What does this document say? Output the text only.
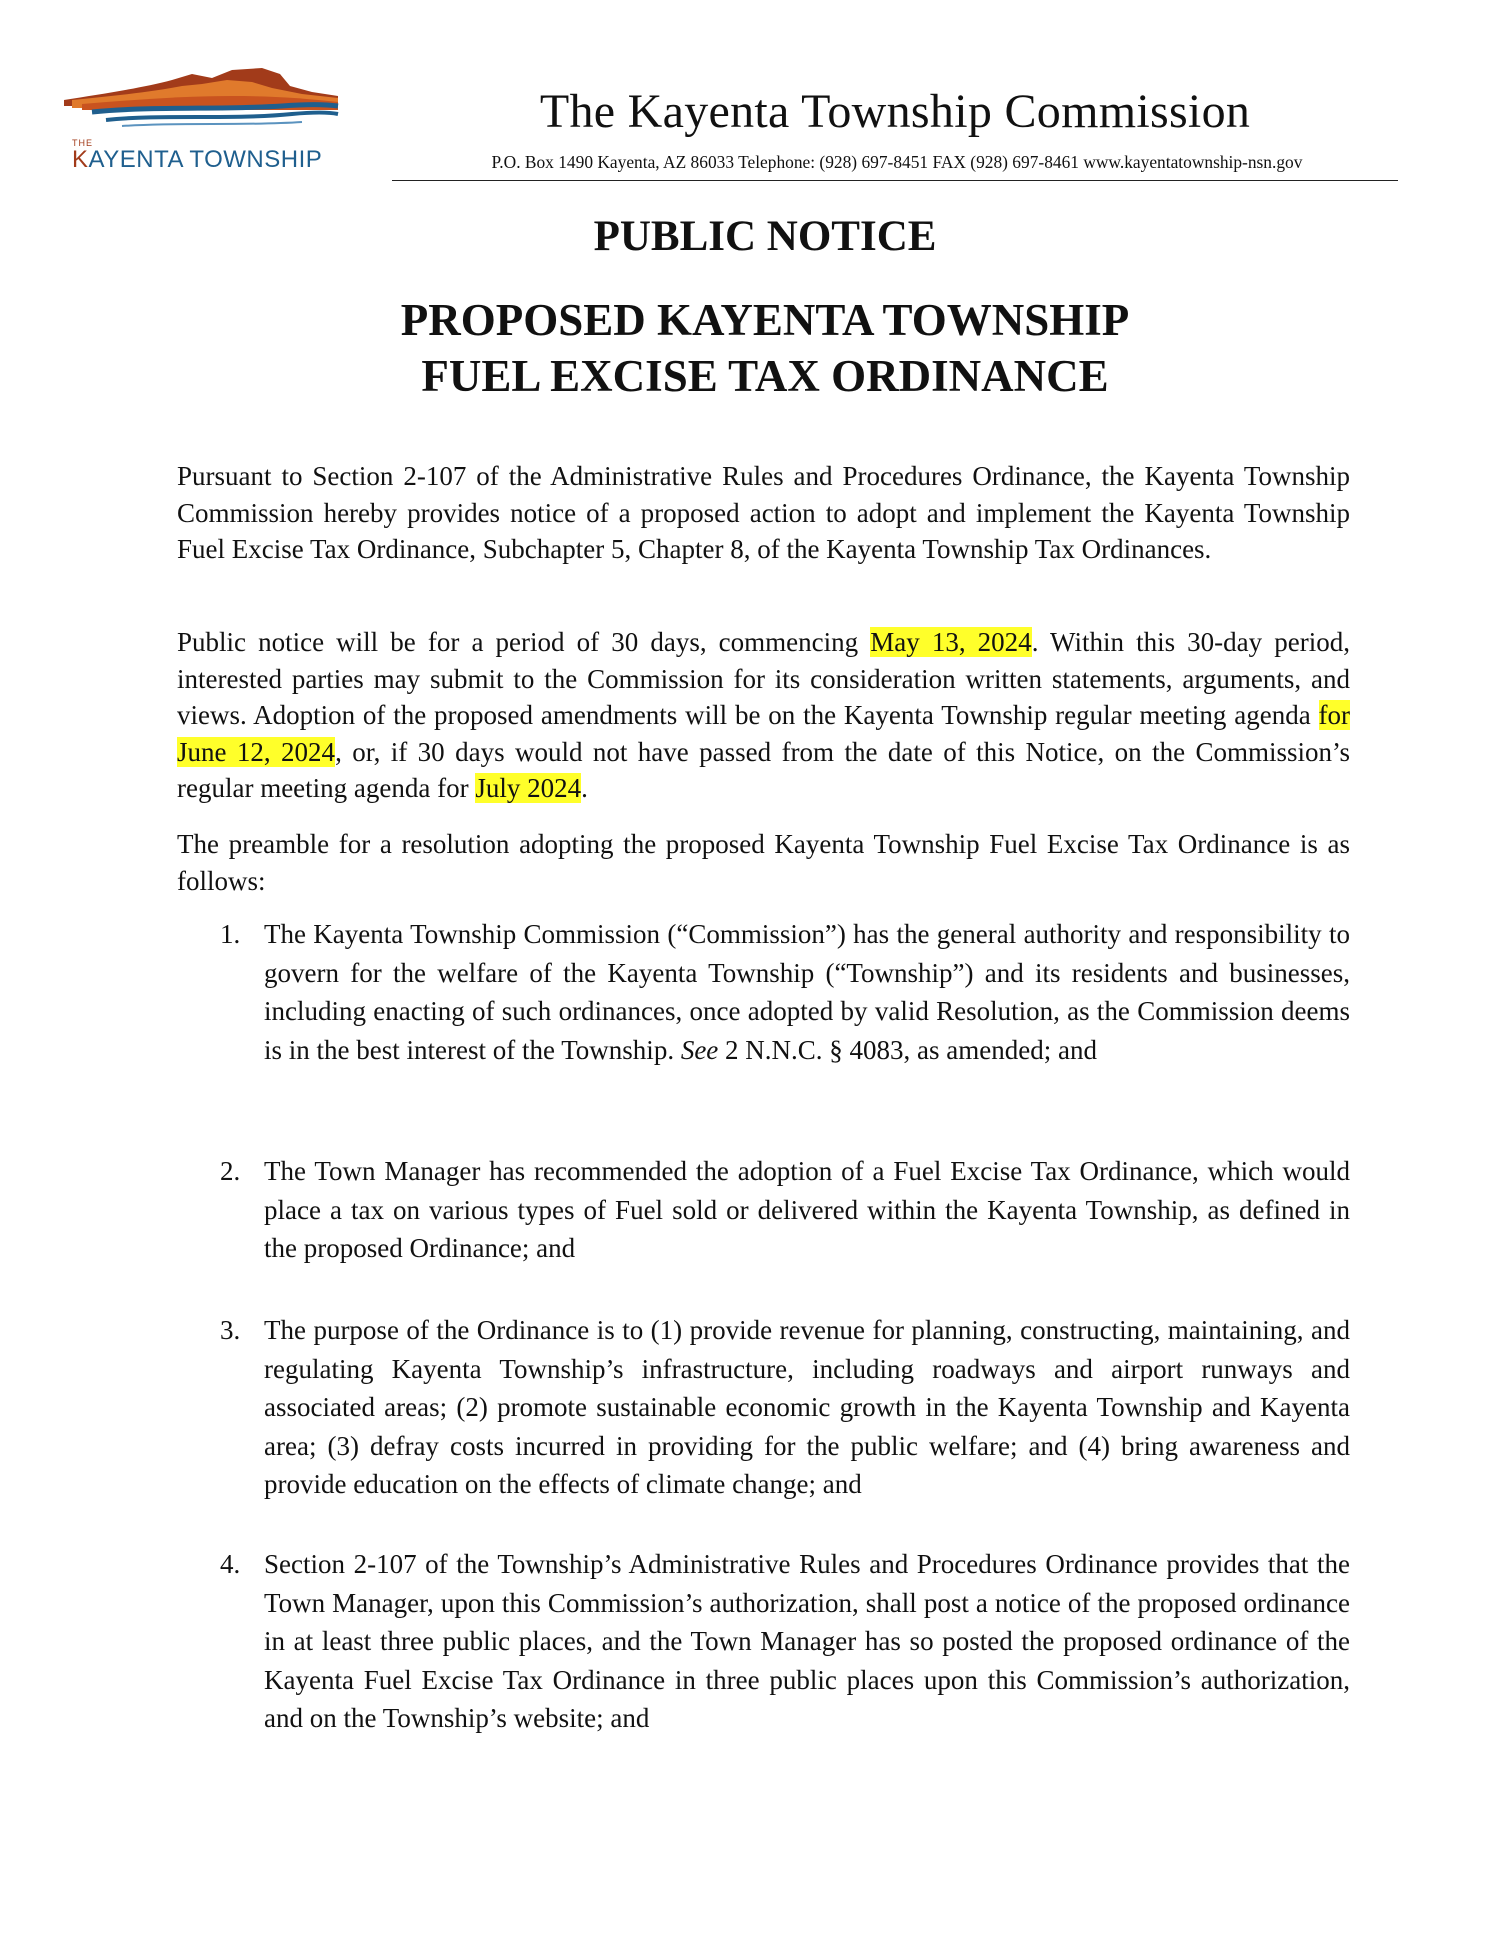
THE
KAYENTA TOWNSHIP
The Kayenta Township Commission
P.O. Box 1490 Kayenta, AZ 86033 Telephone: (928) 697-8451 FAX (928) 697-8461 www.kayentatownship-nsn.gov
PUBLIC NOTICE
PROPOSED KAYENTA TOWNSHIP
FUEL EXCISE TAX ORDINANCE

Pursuant to Section 2-107 of the Administrative Rules and Procedures Ordinance, the Kayenta Township Commission hereby provides notice of a proposed action to adopt and implement the Kayenta Township Fuel Excise Tax Ordinance, Subchapter 5, Chapter 8, of the Kayenta Township Tax Ordinances.

Public notice will be for a period of 30 days, commencing May 13, 2024. Within this 30-day period, interested parties may submit to the Commission for its consideration written statements, arguments, and views. Adoption of the proposed amendments will be on the Kayenta Township regular meeting agenda for June 12, 2024, or, if 30 days would not have passed from the date of this Notice, on the Commission’s regular meeting agenda for July 2024.

The preamble for a resolution adopting the proposed Kayenta Township Fuel Excise Tax Ordinance is as follows:

1. The Kayenta Township Commission (“Commission”) has the general authority and responsibility to govern for the welfare of the Kayenta Township (“Township”) and its residents and businesses, including enacting of such ordinances, once adopted by valid Resolution, as the Commission deems is in the best interest of the Township. See 2 N.N.C. § 4083, as amended; and
2. The Town Manager has recommended the adoption of a Fuel Excise Tax Ordinance, which would place a tax on various types of Fuel sold or delivered within the Kayenta Township, as defined in the proposed Ordinance; and
3. The purpose of the Ordinance is to (1) provide revenue for planning, constructing, maintaining, and regulating Kayenta Township’s infrastructure, including roadways and airport runways and associated areas; (2) promote sustainable economic growth in the Kayenta Township and Kayenta area; (3) defray costs incurred in providing for the public welfare; and (4) bring awareness and provide education on the effects of climate change; and
4. Section 2-107 of the Township’s Administrative Rules and Procedures Ordinance provides that the Town Manager, upon this Commission’s authorization, shall post a notice of the proposed ordinance in at least three public places, and the Town Manager has so posted the proposed ordinance of the Kayenta Fuel Excise Tax Ordinance in three public places upon this Commission’s authorization, and on the Township’s website; and
